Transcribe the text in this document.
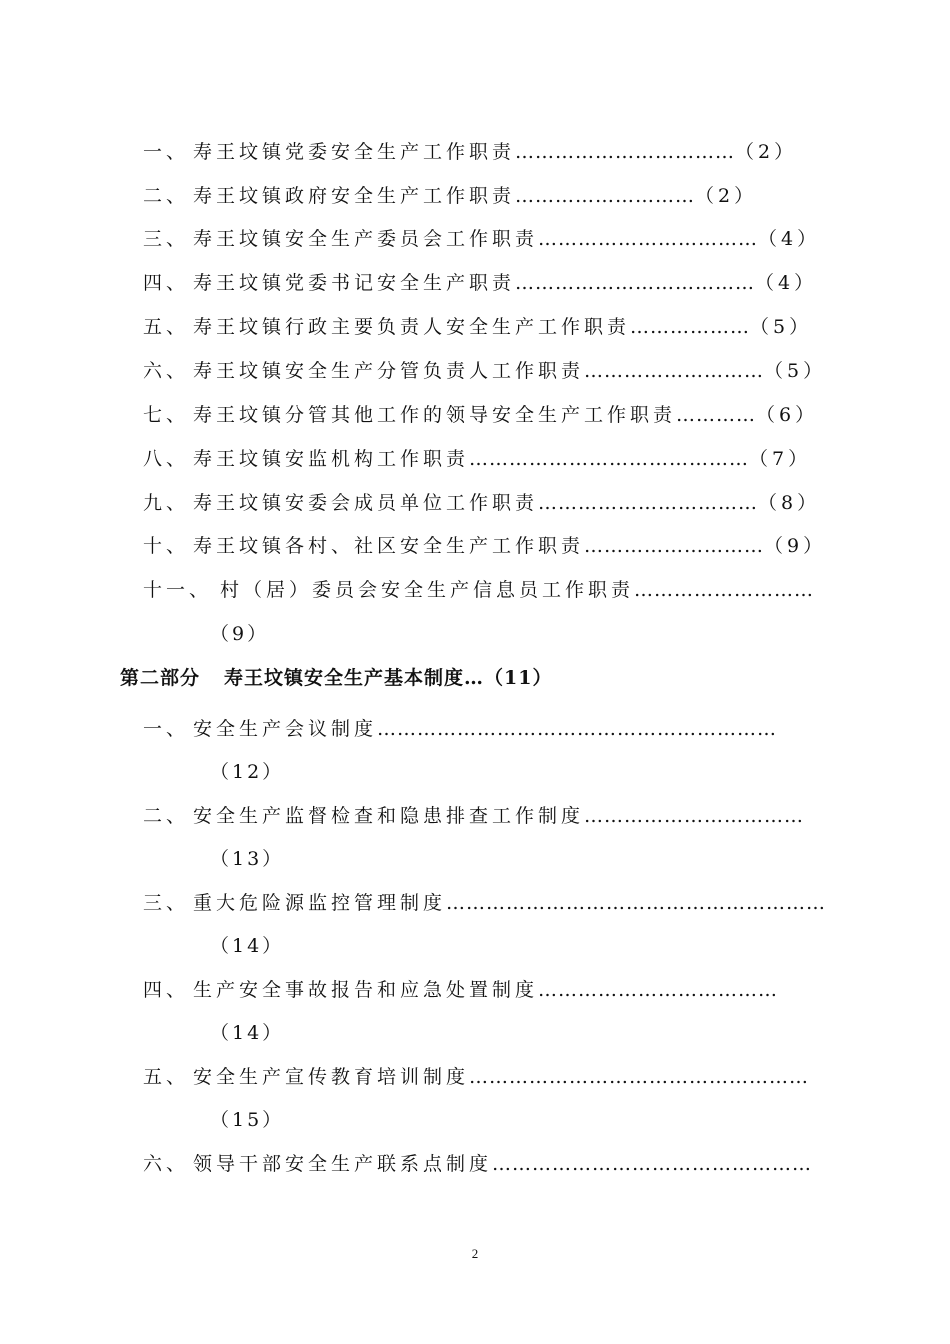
一、 寿王坟镇党委安全生产工作职责……………………………（2）
二、 寿王坟镇政府安全生产工作职责………………………（2）
三、 寿王坟镇安全生产委员会工作职责……………………………（4）
四、 寿王坟镇党委书记安全生产职责………………………………（4）
五、 寿王坟镇行政主要负责人安全生产工作职责………………（5）
六、 寿王坟镇安全生产分管负责人工作职责………………………（5）
七、 寿王坟镇分管其他工作的领导安全生产工作职责…………（6）
八、 寿王坟镇安监机构工作职责……………………………………（7）
九、 寿王坟镇安委会成员单位工作职责……………………………（8）
十、 寿王坟镇各村、社区安全生产工作职责………………………（9）
十一、 村（居）委员会安全生产信息员工作职责………………………
（9）
第二部分 寿王坟镇安全生产基本制度…（11）
一、 安全生产会议制度……………………………………………………
（12）
二、 安全生产监督检查和隐患排查工作制度……………………………
（13）
三、 重大危险源监控管理制度…………………………………………………
（14）
四、 生产安全事故报告和应急处置制度………………………………
（14）
五、 安全生产宣传教育培训制度……………………………………………
（15）
六、 领导干部安全生产联系点制度…………………………………………
2
